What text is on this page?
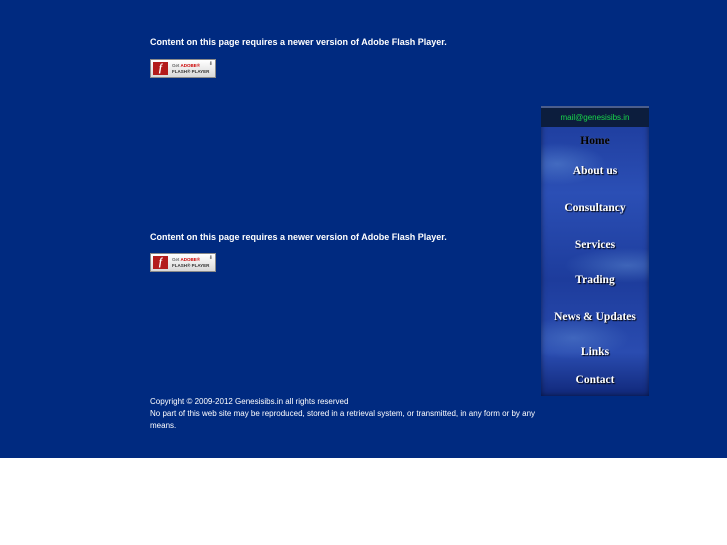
Content on this page requires a newer version of Adobe Flash Player.
f	Get ADOBE®
FLASH® PLAYER
⬇
Content on this page requires a newer version of Adobe Flash Player.
f	Get ADOBE®
FLASH® PLAYER
⬇
mail@genesisibs.in
Home
About us
Consultancy
Services
Trading
News & Updates
Links
Contact
Copyright © 2009-2012 Genesisibs.in all rights reserved
No part of this web site may be reproduced, stored in a retrieval system, or transmitted, in any form or by any means.
